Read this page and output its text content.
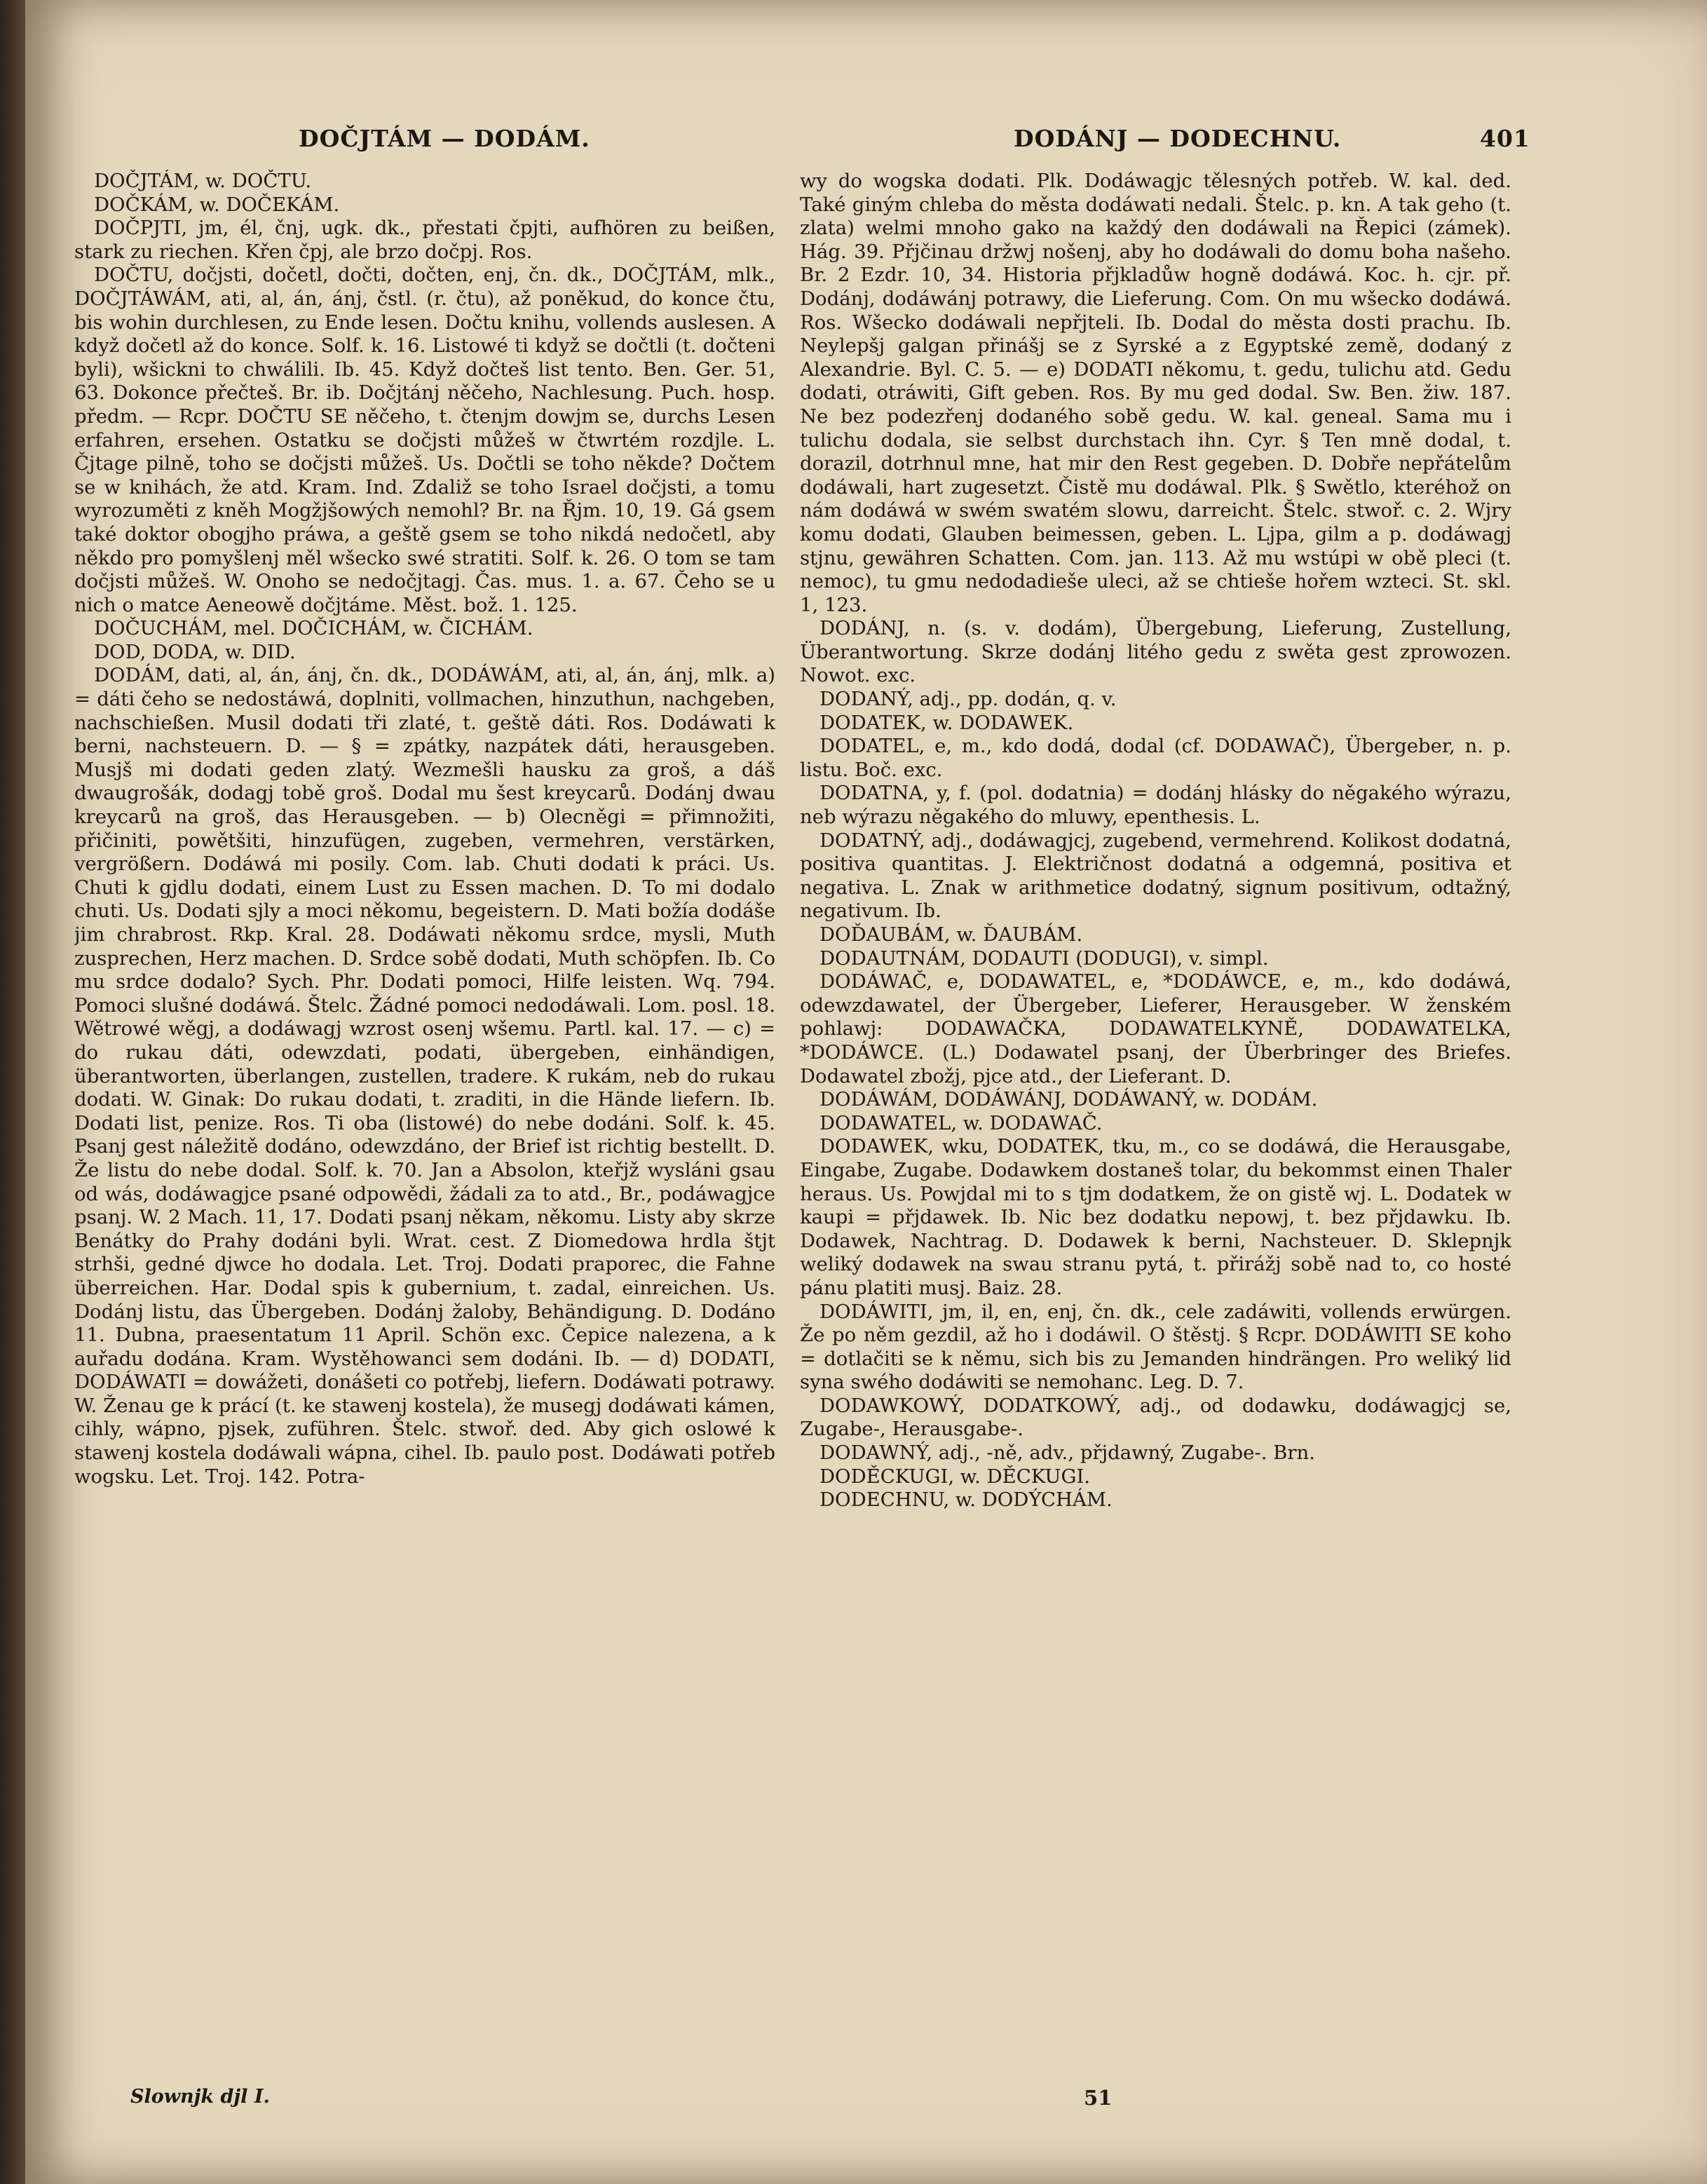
DOČJTÁM — DODÁM.	DODÁNJ — DODECHNU.	401

DOČJTÁM, w. DOČTU.

DOČKÁM, w. DOČEKÁM.

DOČPJTI, jm, él, čnj, ugk. dk., přestati čpjti, aufhören zu beißen, stark zu riechen. Křen čpj, ale brzo dočpj. Ros.

DOČTU, dočjsti, dočetl, dočti, dočten, enj, čn. dk., DOČJTÁM, mlk., DOČJTÁWÁM, ati, al, án, ánj, čstl. (r. čtu), až poněkud, do konce čtu, bis wohin durchlesen, zu Ende lesen. Dočtu knihu, vollends auslesen. A když dočetl až do konce. Solf. k. 16. Listowé ti když se dočtli (t. dočteni byli), wšickni to chwálili. Ib. 45. Když dočteš list tento. Ben. Ger. 51, 63. Dokonce přečteš. Br. ib. Dočjtánj něčeho, Nachlesung. Puch. hosp. předm. — Rcpr. DOČTU SE něčeho, t. čtenjm dowjm se, durchs Lesen erfahren, ersehen. Ostatku se dočjsti můžeš w čtwrtém rozdjle. L. Čjtage pilně, toho se dočjsti můžeš. Us. Dočtli se toho někde? Dočtem se w knihách, že atd. Kram. Ind. Zdaliž se toho Israel dočjsti, a tomu wyrozuměti z kněh Mogžjšowých nemohl? Br. na Řjm. 10, 19. Gá gsem také doktor obogjho práwa, a geště gsem se toho nikdá nedočetl, aby někdo pro pomyšlenj měl wšecko swé stratiti. Solf. k. 26. O tom se tam dočjsti můžeš. W. Onoho se nedočjtagj. Čas. mus. 1. a. 67. Čeho se u nich o matce Aeneowě dočjtáme. Měst. bož. 1. 125.

DOČUCHÁM, mel. DOČICHÁM, w. ČICHÁM.

DOD, DODA, w. DID.

DODÁM, dati, al, án, ánj, čn. dk., DODÁWÁM, ati, al, án, ánj, mlk. a) = dáti čeho se nedostáwá, doplniti, vollmachen, hinzuthun, nachgeben, nachschießen. Musil dodati tři zlaté, t. geště dáti. Ros. Dodáwati k berni, nachsteuern. D. — § = zpátky, nazpátek dáti, herausgeben. Musjš mi dodati geden zlatý. Wezmešli hausku za groš, a dáš dwaugrošák, dodagj tobě groš. Dodal mu šest kreycarů. Dodánj dwau kreycarů na groš, das Herausgeben. — b) Olecněgi = přimnožiti, přičiniti, powětšiti, hinzufügen, zugeben, vermehren, verstärken, vergrößern. Dodáwá mi posily. Com. lab. Chuti dodati k práci. Us. Chuti k gjdlu dodati, einem Lust zu Essen machen. D. To mi dodalo chuti. Us. Dodati sjly a moci někomu, begeistern. D. Mati božía dodáše jim chrabrost. Rkp. Kral. 28. Dodáwati někomu srdce, mysli, Muth zusprechen, Herz machen. D. Srdce sobě dodati, Muth schöpfen. Ib. Co mu srdce dodalo? Sych. Phr. Dodati pomoci, Hilfe leisten. Wq. 794. Pomoci slušné dodáwá. Štelc. Žádné pomoci nedodáwali. Lom. posl. 18. Wětrowé wěgj, a dodáwagj wzrost osenj wšemu. Partl. kal. 17. — c) = do rukau dáti, odewzdati, podati, übergeben, einhändigen, überantworten, überlangen, zustellen, tradere. K rukám, neb do rukau dodati. W. Ginak: Do rukau dodati, t. zraditi, in die Hände liefern. Ib. Dodati list, penize. Ros. Ti oba (listowé) do nebe dodáni. Solf. k. 45. Psanj gest náležitě dodáno, odewzdáno, der Brief ist richtig bestellt. D. Že listu do nebe dodal. Solf. k. 70. Jan a Absolon, kteřjž wysláni gsau od wás, dodáwagjce psané odpowědi, žádali za to atd., Br., podáwagjce psanj. W. 2 Mach. 11, 17. Dodati psanj někam, někomu. Listy aby skrze Benátky do Prahy dodáni byli. Wrat. cest. Z Diomedowa hrdla štjt strhši, gedné djwce ho dodala. Let. Troj. Dodati praporec, die Fahne überreichen. Har. Dodal spis k gubernium, t. zadal, einreichen. Us. Dodánj listu, das Übergeben. Dodánj žaloby, Behändigung. D. Dodáno 11. Dubna, praesentatum 11 April. Schön exc. Čepice nalezena, a k auřadu dodána. Kram. Wystěhowanci sem dodáni. Ib. — d) DODATI, DODÁWATI = dowážeti, donášeti co potřebj, liefern. Dodáwati potrawy. W. Ženau ge k prácí (t. ke stawenj kostela), že musegj dodáwati kámen, cihly, wápno, pjsek, zuführen. Štelc. stwoř. ded. Aby gich oslowé k stawenj kostela dodáwali wápna, cihel. Ib. paulo post. Dodáwati potřeb wogsku. Let. Troj. 142. Potra-

wy do wogska dodati. Plk. Dodáwagjc tělesných potřeb. W. kal. ded. Také giným chleba do města dodáwati nedali. Štelc. p. kn. A tak geho (t. zlata) welmi mnoho gako na každý den dodáwali na Řepici (zámek). Hág. 39. Přjčinau držwj nošenj, aby ho dodáwali do domu boha našeho. Br. 2 Ezdr. 10, 34. Historia přjkladůw hogně dodáwá. Koc. h. cjr. př. Dodánj, dodáwánj potrawy, die Lieferung. Com. On mu wšecko dodáwá. Ros. Wšecko dodáwali nepřjteli. Ib. Dodal do města dosti prachu. Ib. Neylepšj galgan přinášj se z Syrské a z Egyptské země, dodaný z Alexandrie. Byl. C. 5. — e) DODATI někomu, t. gedu, tulichu atd. Gedu dodati, otráwiti, Gift geben. Ros. By mu ged dodal. Sw. Ben. žiw. 187. Ne bez podezřenj dodaného sobě gedu. W. kal. geneal. Sama mu i tulichu dodala, sie selbst durchstach ihn. Cyr. § Ten mně dodal, t. dorazil, dotrhnul mne, hat mir den Rest gegeben. D. Dobře nepřátelům dodáwali, hart zugesetzt. Čistě mu dodáwal. Plk. § Swětlo, kteréhož on nám dodáwá w swém swatém slowu, darreicht. Štelc. stwoř. c. 2. Wjry komu dodati, Glauben beimessen, geben. L. Ljpa, gilm a p. dodáwagj stjnu, gewähren Schatten. Com. jan. 113. Až mu wstúpi w obě pleci (t. nemoc), tu gmu nedodadieše uleci, až se chtieše hořem wzteci. St. skl. 1, 123.

DODÁNJ, n. (s. v. dodám), Übergebung, Lieferung, Zustellung, Überantwortung. Skrze dodánj litého gedu z swěta gest zprowozen. Nowot. exc.

DODANÝ, adj., pp. dodán, q. v.

DODATEK, w. DODAWEK.

DODATEL, e, m., kdo dodá, dodal (cf. DODAWAČ), Übergeber, n. p. listu. Boč. exc.

DODATNA, y, f. (pol. dodatnia) = dodánj hlásky do něgakého wýrazu, neb wýrazu něgakého do mluwy, epenthesis. L.

DODATNÝ, adj., dodáwagjcj, zugebend, vermehrend. Kolikost dodatná, positiva quantitas. J. Električnost dodatná a odgemná, positiva et negativa. L. Znak w arithmetice dodatný, signum positivum, odtažný, negativum. Ib.

DOĎAUBÁM, w. ĎAUBÁM.

DODAUTNÁM, DODAUTI (DODUGI), v. simpl.

DODÁWAČ, e, DODAWATEL, e, *DODÁWCE, e, m., kdo dodáwá, odewzdawatel, der Übergeber, Lieferer, Herausgeber. W ženském pohlawj: DODAWAČKA, DODAWATELKYNĚ, DODAWATELKA, *DODÁWCE. (L.) Dodawatel psanj, der Überbringer des Briefes. Dodawatel zbožj, pjce atd., der Lieferant. D.

DODÁWÁM, DODÁWÁNJ, DODÁWANÝ, w. DODÁM.

DODAWATEL, w. DODAWAČ.

DODAWEK, wku, DODATEK, tku, m., co se dodáwá, die Herausgabe, Eingabe, Zugabe. Dodawkem dostaneš tolar, du bekommst einen Thaler heraus. Us. Powjdal mi to s tjm dodatkem, že on gistě wj. L. Dodatek w kaupi = přjdawek. Ib. Nic bez dodatku nepowj, t. bez přjdawku. Ib. Dodawek, Nachtrag. D. Dodawek k berni, Nachsteuer. D. Sklepnjk weliký dodawek na swau stranu pytá, t. přirážj sobě nad to, co hosté pánu platiti musj. Baiz. 28.

DODÁWITI, jm, il, en, enj, čn. dk., cele zadáwiti, vollends erwürgen. Že po něm gezdil, až ho i dodáwil. O štěstj. § Rcpr. DODÁWITI SE koho = dotlačiti se k němu, sich bis zu Jemanden hindrängen. Pro weliký lid syna swého dodáwiti se nemohanc. Leg. D. 7.

DODAWKOWÝ, DODATKOWÝ, adj., od dodawku, dodáwagjcj se, Zugabe-, Herausgabe-.

DODAWNÝ, adj., -ně, adv., přjdawný, Zugabe-. Brn.

DODĚCKUGI, w. DĚCKUGI.

DODECHNU, w. DODÝCHÁM.

Slownjk djl I.	51
